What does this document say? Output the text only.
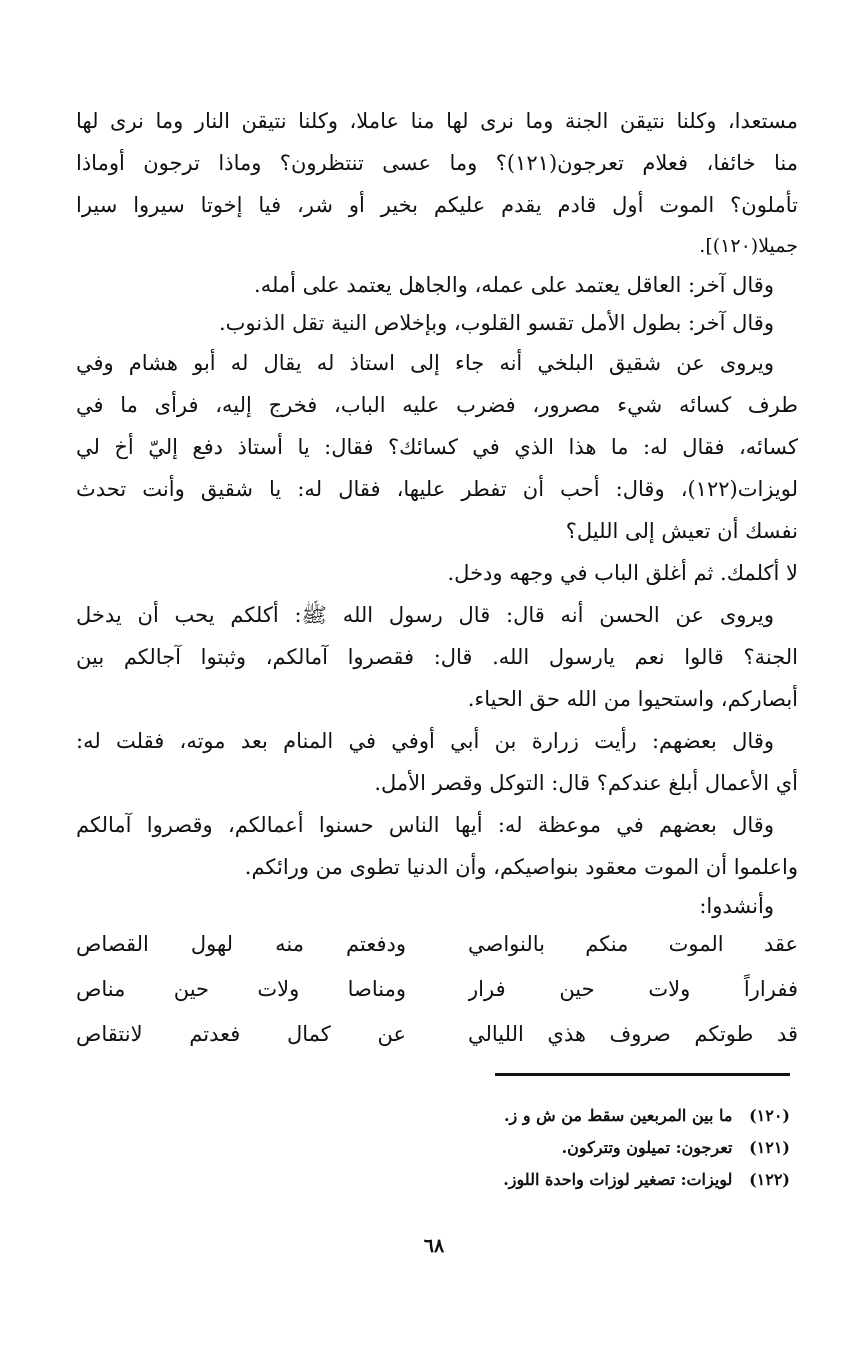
مستعدا، وكلنا نتيقن الجنة وما نرى لها منا عاملا، وكلنا نتيقن النار وما نرى لها
منا خائفا، فعلام تعرجون(١٢١)؟ وما عسى تنتظرون؟ وماذا ترجون أوماذا
تأملون؟ الموت أول قادم يقدم عليكم بخير أو شر، فيا إخوتا سيروا سيرا
جميلا(١٢٠)].
وقال آخر: العاقل يعتمد على عمله، والجاهل يعتمد على أمله.
وقال آخر: بطول الأمل تقسو القلوب، وبإخلاص النية تقل الذنوب.
ويروى عن شقيق البلخي أنه جاء إلى استاذ له يقال له أبو هشام وفي
طرف كسائه شيء مصرور، فضرب عليه الباب، فخرج إليه، فرأى ما في
كسائه، فقال له: ما هذا الذي في كسائك؟ فقال: يا أستاذ دفع إليّ أخ لي
لويزات(١٢٢)، وقال: أحب أن تفطر عليها، فقال له: يا شقيق وأنت تحدث
نفسك أن تعيش إلى الليل؟
لا أكلمك. ثم أغلق الباب في وجهه ودخل.
ويروى عن الحسن أنه قال: قال رسول الله ﷺ: أكلكم يحب أن يدخل
الجنة؟ قالوا نعم يارسول الله. قال: فقصروا آمالكم، وثبتوا آجالكم بين
أبصاركم، واستحيوا من الله حق الحياء.
وقال بعضهم: رأيت زرارة بن أبي أوفي في المنام بعد موته، فقلت له:
أي الأعمال أبلغ عندكم؟ قال: التوكل وقصر الأمل.
وقال بعضهم في موعظة له: أيها الناس حسنوا أعمالكم، وقصروا آمالكم
واعلموا أن الموت معقود بنواصيكم، وأن الدنيا تطوى من ورائكم.
وأنشدوا:
عقد الموت منكم بالنواصي
ودفعتم منه لهول القصاص
ففراراً ولات حين فرار
ومناصا ولات حين مناص
قد طوتكم صروف هذي الليالي
عن كمال فعدتم لانتقاص
(١٢٠) ما بين المربعين سقط من ش و ز.
(١٢١) تعرجون: تميلون وتتركون.
(١٢٢) لويزات: تصغير لوزات واحدة اللوز.
٦٨
